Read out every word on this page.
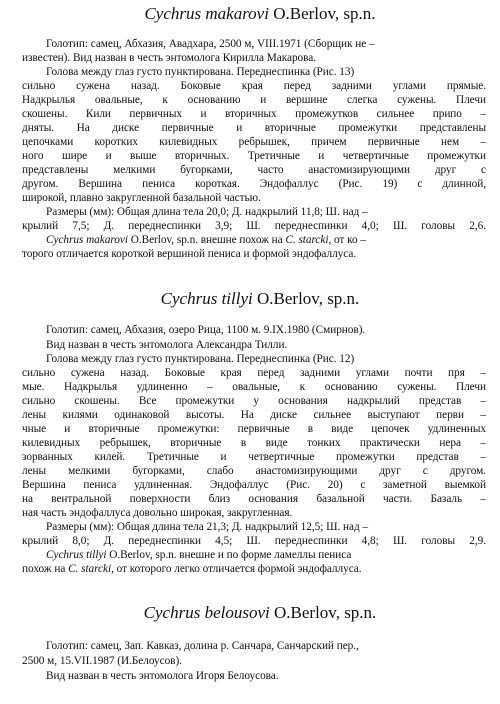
Cychrus makarovi O.Berlov, sp.n.
Голотип: самец, Абхазия, Авадхара, 2500 м, VIII.1971 (Сборщик не –
известен). Вид назван в честь энтомолога Кирилла Макарова.
Голова между глаз густо пунктирована. Переднеспинка (Рис. 13)
сильно сужена назад. Боковые края перед задними углами прямые.
Надкрылья овальные, к основанию и вершине слегка сужены. Плечи
скошены. Кили первичных и вторичных промежутков сильнее припо –
дняты. На диске первичные и вторичные промежутки представлены
цепочками коротких килевидных ребрышек, причем первичные нем –
ного шире и выше вторичных. Третичные и четвертичные промежутки
представлены мелкими бугорками, часто анастомизирующими друг с
другом. Вершина пениса короткая. Эндофаллус (Рис. 19) с длинной,
широкой, плавно закругленной базальной частью.
Размеры (мм): Общая длина тела 20,0; Д. надкрылий 11,8; Ш. над –
крылий 7,5; Д. переднеспинки 3,9; Ш. переднеспинки 4,0; Ш. головы 2,6.
Cychrus makarovi O.Berlov, sp.n. внешне похож на C. starcki, от ко –
торого отличается короткой вершиной пениса и формой эндофаллуса.
Cychrus tillyi O.Berlov, sp.n.
Голотип: самец, Абхазия, озеро Рица, 1100 м. 9.IX.1980 (Смирнов).
Вид назван в честь энтомолога Александра Тилли.
Голова между глаз густо пунктирована. Переднеспинка (Рис. 12)
сильно сужена назад. Боковые края перед задними углами почти пря –
мые. Надкрылья удлиненно – овальные, к основанию сужены. Плечи
сильно скошены. Все промежутки у основания надкрылий представ –
лены килями одинаковой высоты. На диске сильнее выступают перви –
чные и вторичные промежутки: первичные в виде цепочек удлиненных
килевидных ребрышек, вторичные в виде тонких практически нера –
зорванных килей. Третичные и четвертичные промежутки представ –
лены мелкими бугорками, слабо анастомизирующими друг с другом.
Вершина пениса удлиненная. Эндофаллус (Рис. 20) с заметной выемкой
на вентральной поверхности близ основания базальной части. Базаль –
ная часть эндофаллуса довольно широкая, закругленная.
Размеры (мм): Общая длина тела 21,3; Д. надкрылий 12,5; Ш. над –
крылий 8,0; Д. переднеспинки 4,5; Ш. переднеспинки 4,8; Ш. головы 2,9.
Cychrus tillyi O.Berlov, sp.n. внешне и по форме ламеллы пениса
похож на C. starcki, от которого легко отличается формой эндофаллуса.
Cychrus belousovi O.Berlov, sp.n.
Голотип: самец, Зап. Кавказ, долина р. Санчара, Санчарский пер.,
2500 м, 15.VII.1987 (И.Белоусов).
Вид назван в честь энтомолога Игоря Белоусова.
